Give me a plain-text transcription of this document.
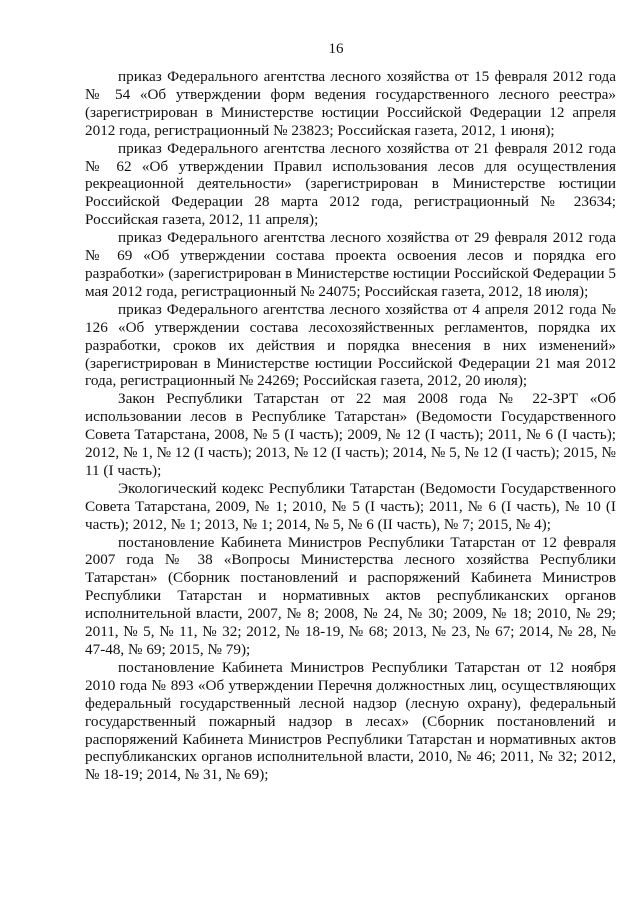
16

приказ Федерального агентства лесного хозяйства от 15 февраля 2012 года № 54 «Об утверждении форм ведения государственного лесного реестра» (зарегистрирован в Министерстве юстиции Российской Федерации 12 апреля 2012 года, регистрационный № 23823; Российская газета, 2012, 1 июня);

приказ Федерального агентства лесного хозяйства от 21 февраля 2012 года № 62 «Об утверждении Правил использования лесов для осуществления рекреационной деятельности» (зарегистрирован в Министерстве юстиции Российской Федерации 28 марта 2012 года, регистрационный № 23634; Российская газета, 2012, 11 апреля);

приказ Федерального агентства лесного хозяйства от 29 февраля 2012 года № 69 «Об утверждении состава проекта освоения лесов и порядка его разработки» (зарегистрирован в Министерстве юстиции Российской Федерации 5 мая 2012 года, регистрационный № 24075; Российская газета, 2012, 18 июля);

приказ Федерального агентства лесного хозяйства от 4 апреля 2012 года № 126 «Об утверждении состава лесохозяйственных регламентов, порядка их разработки, сроков их действия и порядка внесения в них изменений» (зарегистрирован в Министерстве юстиции Российской Федерации 21 мая 2012 года, регистрационный № 24269; Российская газета, 2012, 20 июля);

Закон Республики Татарстан от 22 мая 2008 года № 22-ЗРТ «Об использовании лесов в Республике Татарстан» (Ведомости Государственного Совета Татарстана, 2008, № 5 (I часть); 2009, № 12 (I часть); 2011, № 6 (I часть); 2012, № 1, № 12 (I часть); 2013, № 12 (I часть); 2014, № 5, № 12 (I часть); 2015, № 11 (I часть);

Экологический кодекс Республики Татарстан (Ведомости Государственного Совета Татарстана, 2009, № 1; 2010, № 5 (I часть); 2011, № 6 (I часть), № 10 (I часть); 2012, № 1; 2013, № 1; 2014, № 5, № 6 (II часть), № 7; 2015, № 4);

постановление Кабинета Министров Республики Татарстан от 12 февраля 2007 года № 38 «Вопросы Министерства лесного хозяйства Республики Татарстан» (Сборник постановлений и распоряжений Кабинета Министров Республики Татарстан и нормативных актов республиканских органов исполнительной власти, 2007, № 8; 2008, № 24, № 30; 2009, № 18; 2010, № 29; 2011, № 5, № 11, № 32; 2012, № 18-19, № 68; 2013, № 23, № 67; 2014, № 28, № 47-48, № 69; 2015, № 79);

постановление Кабинета Министров Республики Татарстан от 12 ноября 2010 года № 893 «Об утверждении Перечня должностных лиц, осуществляющих федеральный государственный лесной надзор (лесную охрану), федеральный государственный пожарный надзор в лесах» (Сборник постановлений и распоряжений Кабинета Министров Республики Татарстан и нормативных актов республиканских органов исполнительной власти, 2010, № 46; 2011, № 32; 2012, № 18-19; 2014, № 31, № 69);
